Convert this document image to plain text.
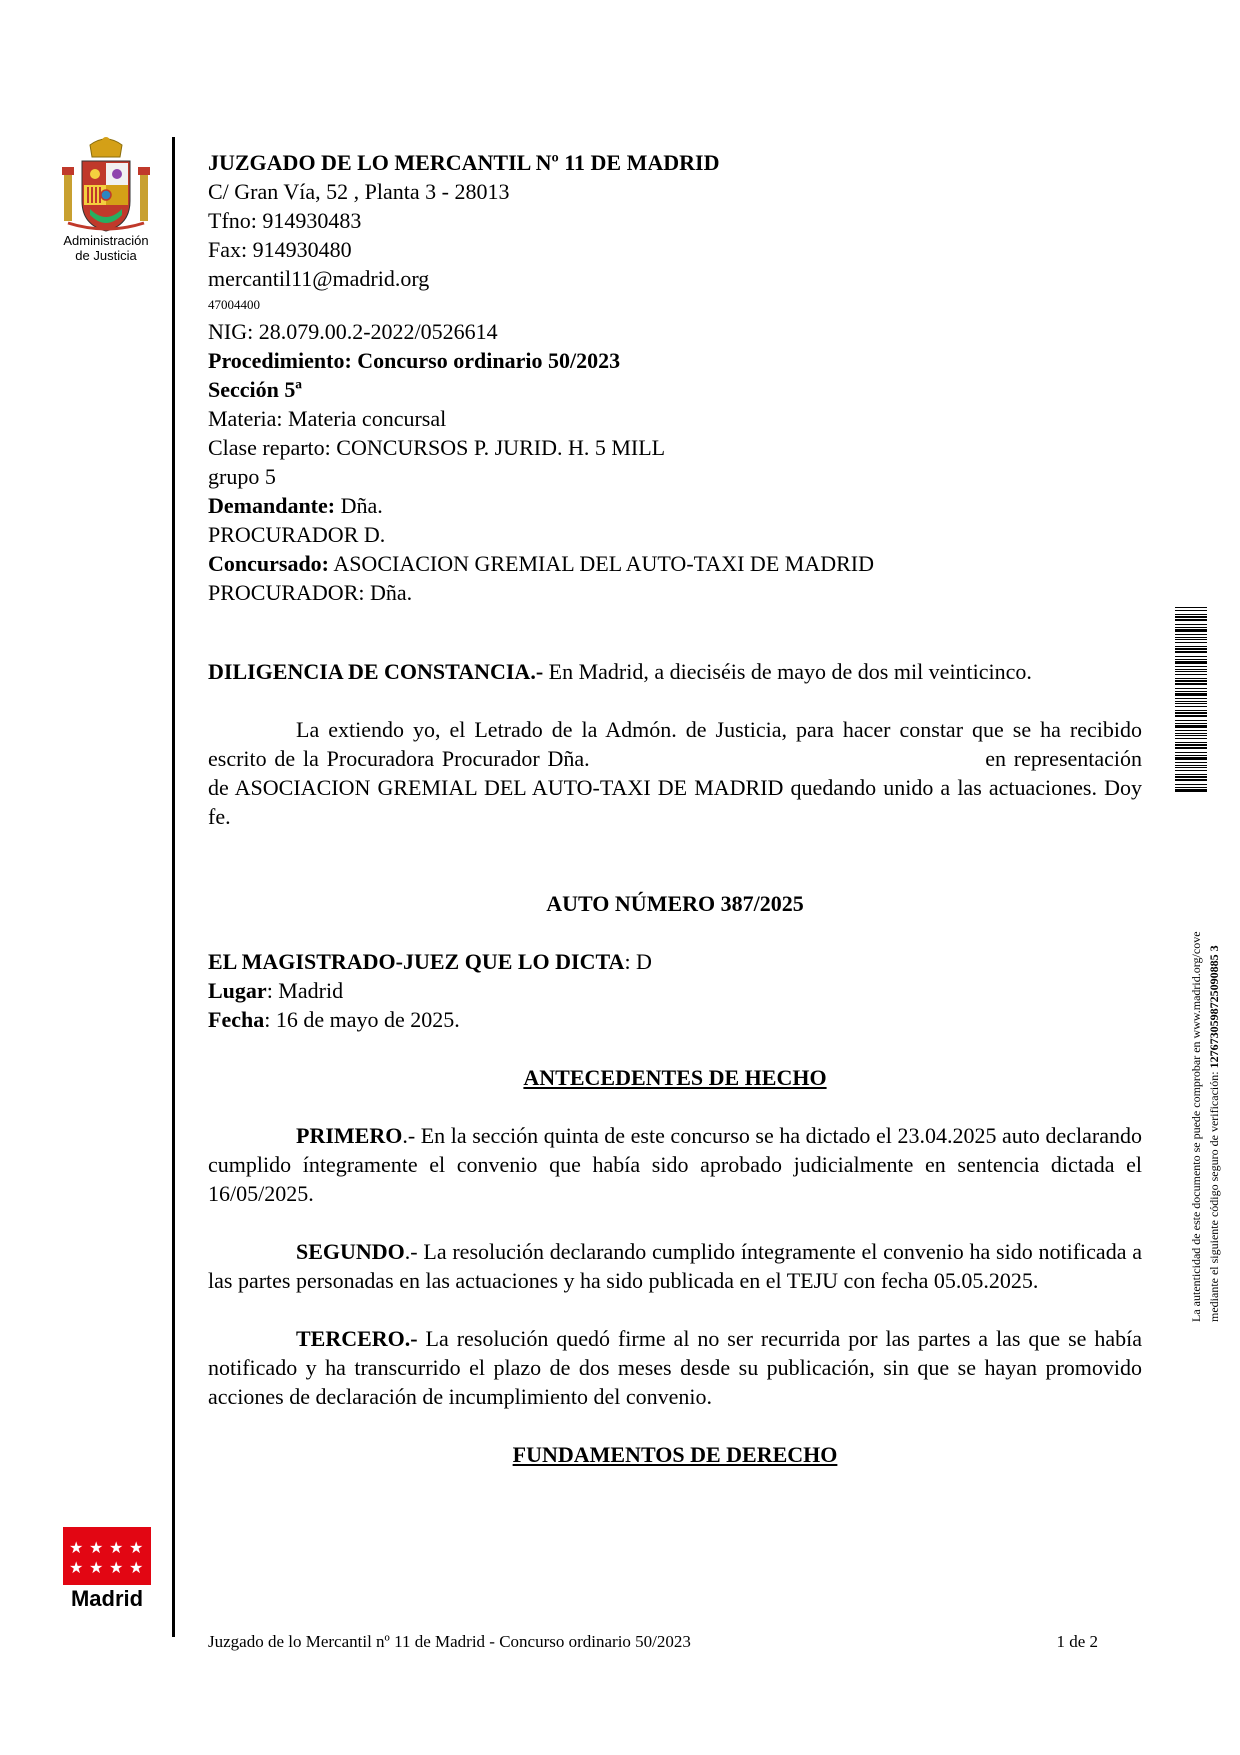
Administración
de Justicia
★ ★ ★ ★
★ ★ ★ ★
Madrid
La autenticidad de este documento se puede comprobar en www.madrid.org/cove mediante el siguiente código seguro de verificación: 1276730598725090885 3
JUZGADO DE LO MERCANTIL Nº 11 DE MADRID
C/ Gran Vía, 52 , Planta 3 - 28013
Tfno: 914930483
Fax: 914930480
mercantil11@madrid.org
47004400
NIG: 28.079.00.2-2022/0526614
Procedimiento: Concurso ordinario 50/2023
Sección 5ª
Materia: Materia concursal
Clase reparto: CONCURSOS P. JURID. H. 5 MILL
grupo 5
Demandante: Dña.
PROCURADOR D.
Concursado: ASOCIACION GREMIAL DEL AUTO-TAXI DE MADRID
PROCURADOR: Dña.

DILIGENCIA DE CONSTANCIA.- En Madrid, a dieciséis de mayo de dos mil veinticinco.

La extiendo yo, el Letrado de la Admón. de Justicia, para hacer constar que se ha recibido escrito de la Procuradora Procurador Dña.	en representación de ASOCIACION GREMIAL DEL AUTO-TAXI DE MADRID quedando unido a las actuaciones. Doy fe.

AUTO NÚMERO 387/2025
EL MAGISTRADO-JUEZ QUE LO DICTA: D
Lugar: Madrid
Fecha: 16 de mayo de 2025.
ANTECEDENTES DE HECHO

PRIMERO.- En la sección quinta de este concurso se ha dictado el 23.04.2025 auto declarando cumplido íntegramente el convenio que había sido aprobado judicialmente en sentencia dictada el 16/05/2025.

SEGUNDO.- La resolución declarando cumplido íntegramente el convenio ha sido notificada a las partes personadas en las actuaciones y ha sido publicada en el TEJU con fecha 05.05.2025.

TERCERO.- La resolución quedó firme al no ser recurrida por las partes a las que se había notificado y ha transcurrido el plazo de dos meses desde su publicación, sin que se hayan promovido acciones de declaración de incumplimiento del convenio.

FUNDAMENTOS DE DERECHO
Juzgado de lo Mercantil nº 11 de Madrid - Concurso ordinario 50/2023	1 de 2
